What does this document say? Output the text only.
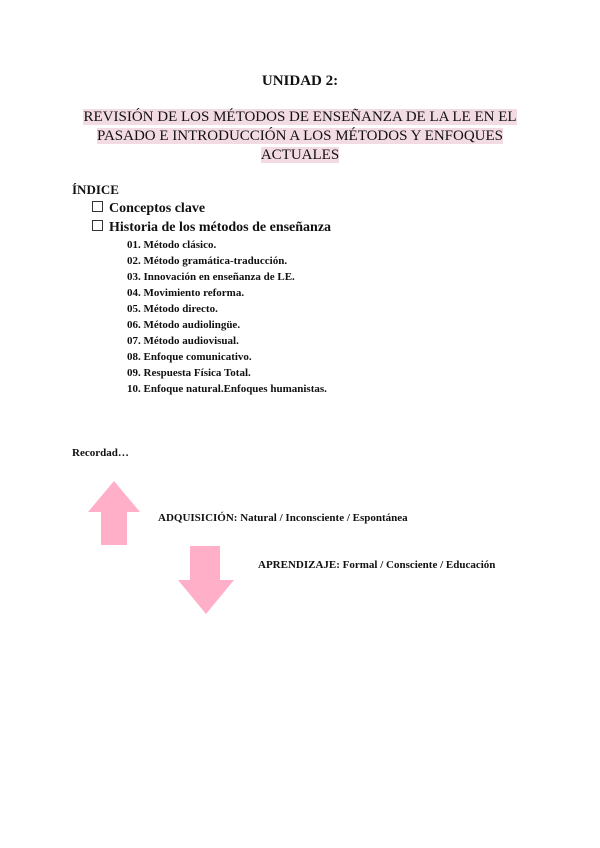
UNIDAD 2:
REVISIÓN DE LOS MÉTODOS DE ENSEÑANZA DE LA LE EN EL
PASADO E INTRODUCCIÓN A LOS MÉTODOS Y ENFOQUES
ACTUALES
ÍNDICE
Conceptos clave
Historia de los métodos de enseñanza
01. Método clásico.
02. Método gramática-traducción.
03. Innovación en enseñanza de LE.
04. Movimiento reforma.
05. Método directo.
06. Método audiolingüe.
07. Método audiovisual.
08. Enfoque comunicativo.
09. Respuesta Física Total.
10. Enfoque natural.Enfoques humanistas.
Recordad…
ADQUISICIÓN: Natural / Inconsciente / Espontánea
APRENDIZAJE: Formal / Consciente / Educación
